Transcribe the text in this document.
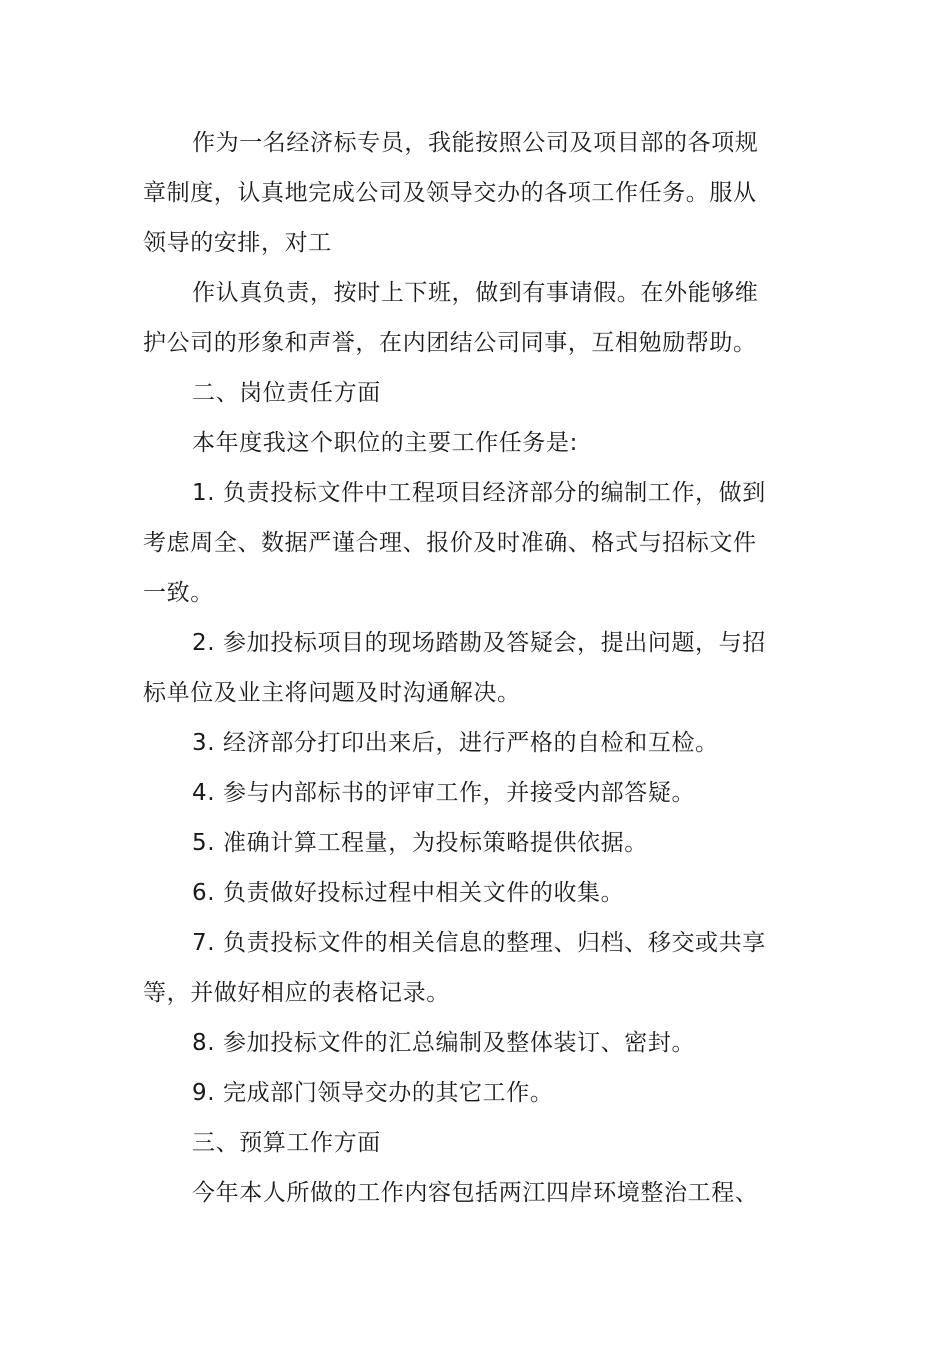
作为一名经济标专员，我能按照公司及项目部的各项规
章制度，认真地完成公司及领导交办的各项工作任务。服从
领导的安排，对工
作认真负责，按时上下班，做到有事请假。在外能够维
护公司的形象和声誉，在内团结公司同事，互相勉励帮助。
二、岗位责任方面
本年度我这个职位的主要工作任务是:
1. 负责投标文件中工程项目经济部分的编制工作，做到
考虑周全、数据严谨合理、报价及时准确、格式与招标文件
一致。
2. 参加投标项目的现场踏勘及答疑会，提出问题，与招
标单位及业主将问题及时沟通解决。
3. 经济部分打印出来后，进行严格的自检和互检。
4. 参与内部标书的评审工作，并接受内部答疑。
5. 准确计算工程量，为投标策略提供依据。
6. 负责做好投标过程中相关文件的收集。
7. 负责投标文件的相关信息的整理、归档、移交或共享
等，并做好相应的表格记录。
8. 参加投标文件的汇总编制及整体装订、密封。
9. 完成部门领导交办的其它工作。
三、预算工作方面
今年本人所做的工作内容包括两江四岸环境整治工程、
